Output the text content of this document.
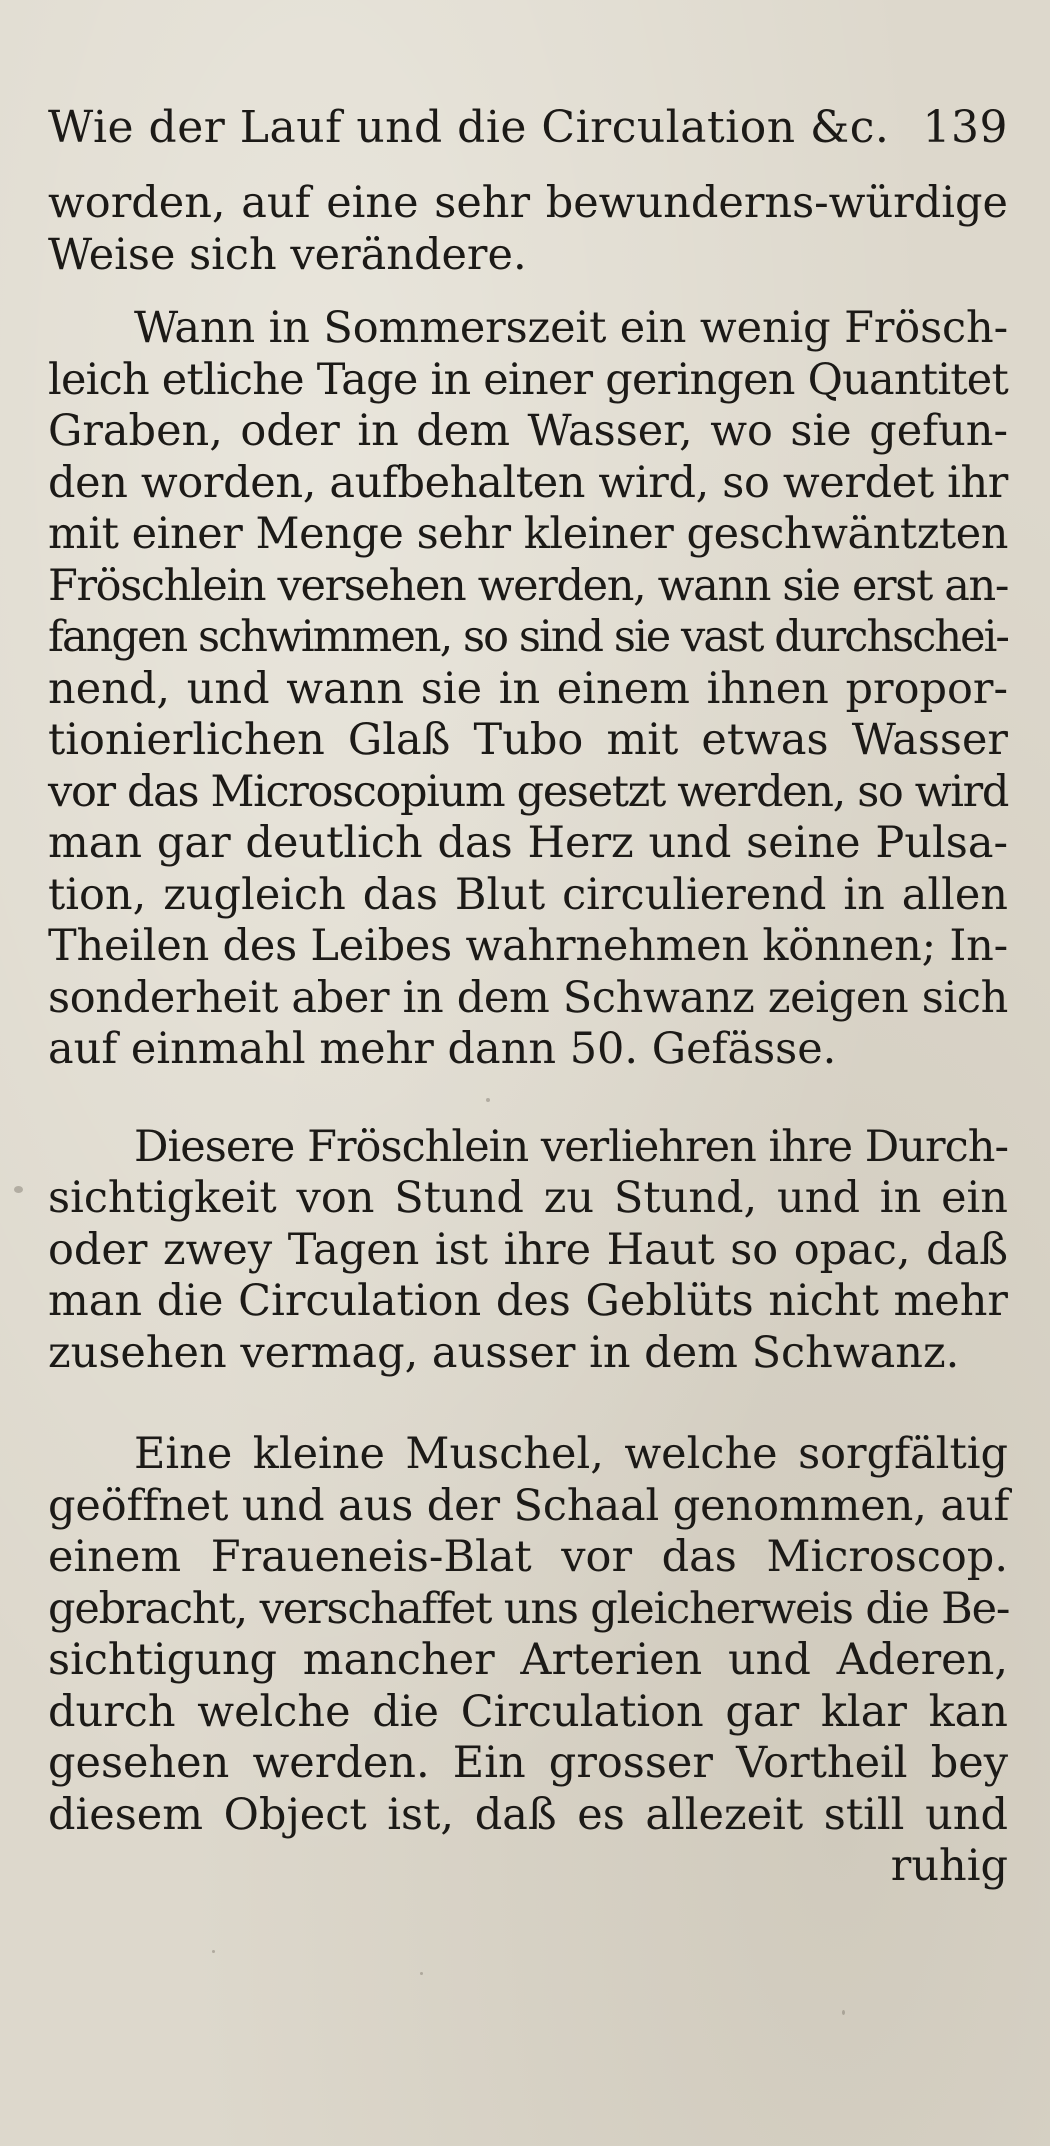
Wie der Lauf und die Circulation &c. 139
worden, auf eine sehr bewunderns-würdige
Weise sich verändere.
Wann in Sommerszeit ein wenig Frösch-
leich etliche Tage in einer geringen Quantitet
Graben, oder in dem Wasser, wo sie gefun-
den worden, aufbehalten wird, so werdet ihr
mit einer Menge sehr kleiner geschwäntzten
Fröschlein versehen werden, wann sie erst an-
fangen schwimmen, so sind sie vast durchschei-
nend, und wann sie in einem ihnen propor-
tionierlichen Glaß Tubo mit etwas Wasser
vor das Microscopium gesetzt werden, so wird
man gar deutlich das Herz und seine Pulsa-
tion, zugleich das Blut circulierend in allen
Theilen des Leibes wahrnehmen können; In-
sonderheit aber in dem Schwanz zeigen sich
auf einmahl mehr dann 50. Gefässe.
Diesere Fröschlein verliehren ihre Durch-
sichtigkeit von Stund zu Stund, und in ein
oder zwey Tagen ist ihre Haut so opac, daß
man die Circulation des Geblüts nicht mehr
zusehen vermag, ausser in dem Schwanz.
Eine kleine Muschel, welche sorgfältig
geöffnet und aus der Schaal genommen, auf
einem Fraueneis-Blat vor das Microscop.
gebracht, verschaffet uns gleicherweis die Be-
sichtigung mancher Arterien und Aderen,
durch welche die Circulation gar klar kan
gesehen werden. Ein grosser Vortheil bey
diesem Object ist, daß es allezeit still und
ruhig
